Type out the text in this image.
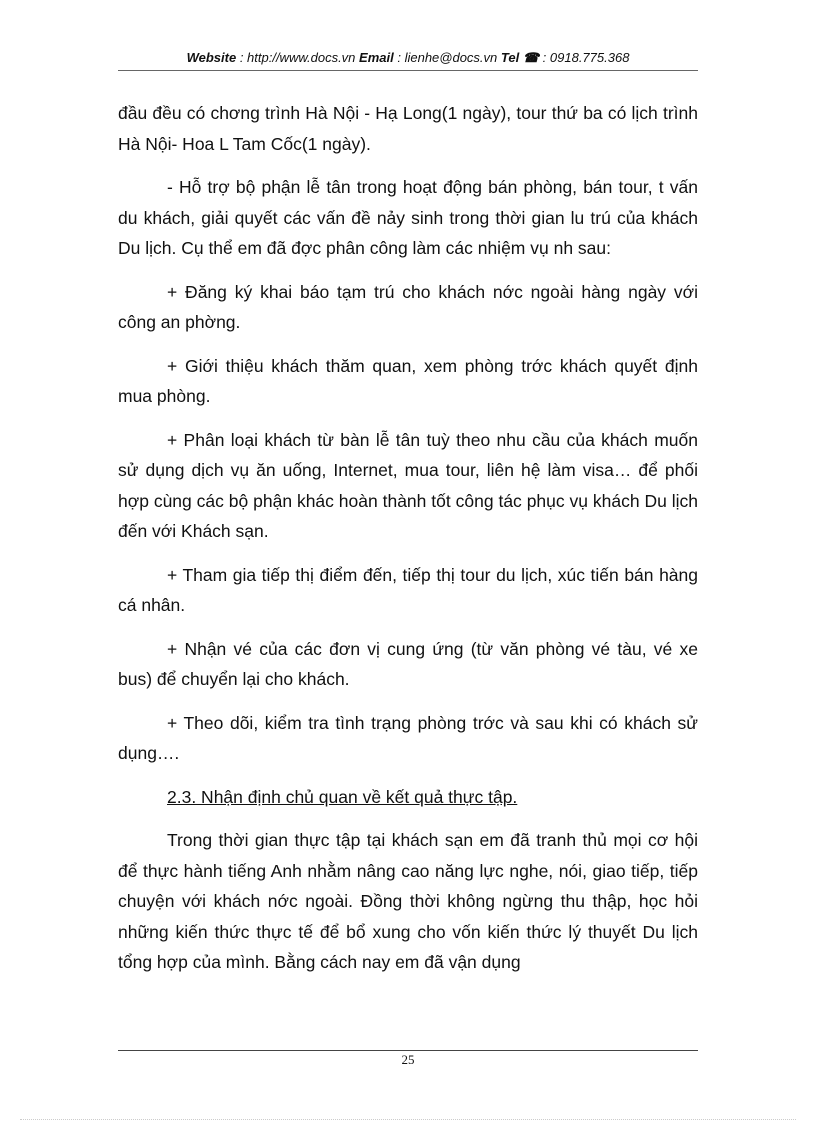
Website : http://www.docs.vn Email : lienhe@docs.vn Tel ☎ : 0918.775.368

đầu đều có chơng trình Hà Nội - Hạ Long(1 ngày), tour thứ ba có lịch trình Hà Nội- Hoa L Tam Cốc(1 ngày).

- Hỗ trợ bộ phận lễ tân trong hoạt động bán phòng, bán tour, t vấn du khách, giải quyết các vấn đề nảy sinh trong thời gian lu trú của khách Du lịch. Cụ thể em đã đợc phân công làm các nhiệm vụ nh sau:

+ Đăng ký khai báo tạm trú cho khách nớc ngoài hàng ngày với công an phờng.

+ Giới thiệu khách thăm quan, xem phòng trớc khách quyết định mua phòng.

+ Phân loại khách từ bàn lễ tân tuỳ theo nhu cầu của khách muốn sử dụng dịch vụ ăn uống, Internet, mua tour, liên hệ làm visa… để phối hợp cùng các bộ phận khác hoàn thành tốt công tác phục vụ khách Du lịch đến với Khách sạn.

+ Tham gia tiếp thị điểm đến, tiếp thị tour du lịch, xúc tiến bán hàng cá nhân.

+ Nhận vé của các đơn vị cung ứng (từ văn phòng vé tàu, vé xe bus) để chuyển lại cho khách.

+ Theo dõi, kiểm tra tình trạng phòng trớc và sau khi có khách sử dụng….

2.3. Nhận định chủ quan về kết quả thực tập.

Trong thời gian thực tập tại khách sạn em đã tranh thủ mọi cơ hội để thực hành tiếng Anh nhằm nâng cao năng lực nghe, nói, giao tiếp, tiếp chuyện với khách nớc ngoài. Đồng thời không ngừng thu thập, học hỏi những kiến thức thực tế để bổ xung cho vốn kiến thức lý thuyết Du lịch tổng hợp của mình. Bằng cách nay em đã vận dụng

25
